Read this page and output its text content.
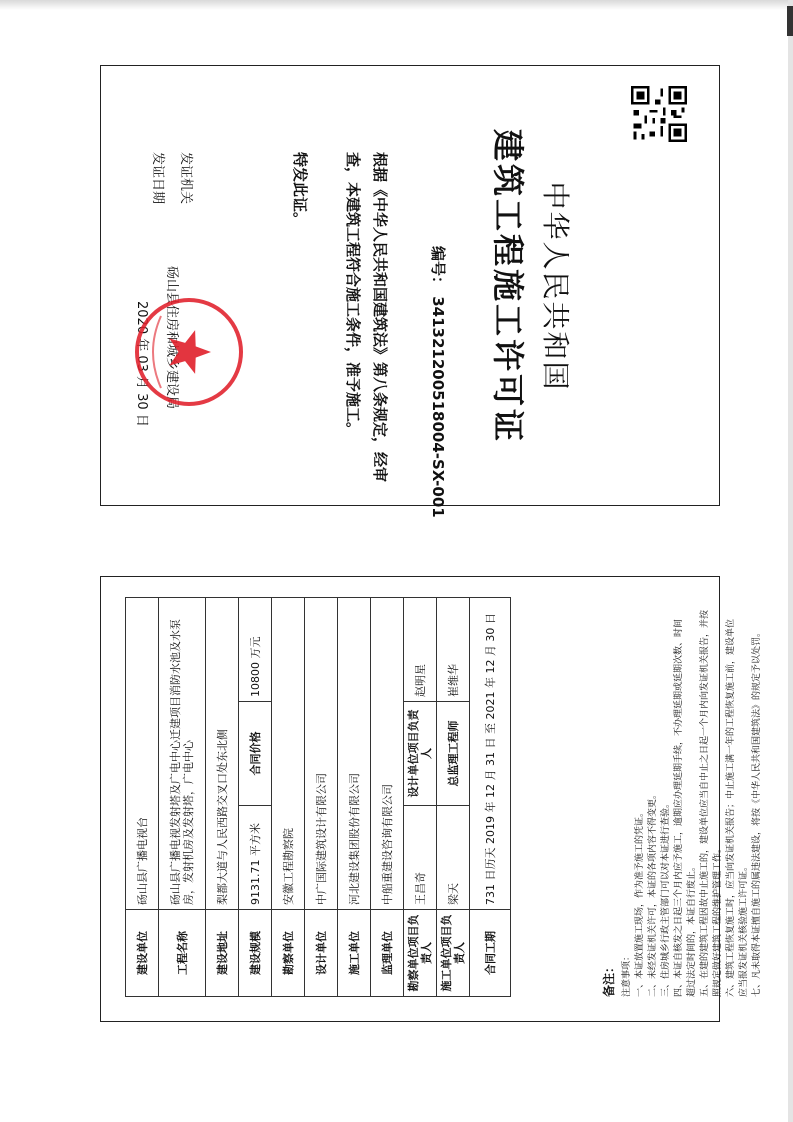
中华人民共和国
建筑工程施工许可证
编号： 341321200518004-SX-001
根据《中华人民共和国建筑法》第八条规定，经审查，本建筑工程符合施工条件，准予施工。
特发此证。
发证机关
砀山县住房和城乡建设局
发证日期
2020 年 03 月 30 日
建设单位	砀山县广播电视台		
工程名称	砀山县广播电视发射塔及广电中心迁建项目消防水池及水泵房，发射机房及发射塔，广电中心		
建设地址	梨都大道与人民西路交叉口处东北侧		
建设规模	9131.71 平方米	合同价格	10800 万元
勘察单位	安徽工程勘察院		
设计单位	中广国际建筑设计有限公司		
施工单位	河北建设集团股份有限公司		
监理单位	中船重建设咨询有限公司		
勘察单位项目负责人	王昌奇	设计单位项目负责人	赵明星
施工单位项目负责人	梁天	总监理工程师	崔维华
合同工期	731 日历天 2019 年 12 月 31 日 至 2021 年 12 月 30 日		
备注： 注意事项： 一、本证放置施工现场，作为准予施工的凭证。 二、未经发证机关许可，本证的各项内容不得变更。 三、住房城乡行政主管部门可以对本证进行查验。 四、本证自核发之日起三个月内应予施工，逾期应办理延期手续，不办理延期或延期次数、时间 超过法定时间的，本证自行废止。 五、在建的建筑工程因故中止施工的，建设单位应当自中止之日起一个月内向发证机关报告，并按 照规定做好建筑工程的维护管理工作。 六、建筑工程恢复施工时，应当向发证机关报告；中止施工满一年的工程恢复施工前，建设单位 应当报发证机关核验施工许可证。 七、凡未取得本证擅自施工的属违法建设，将按《中华人民共和国建筑法》的规定予以处罚。
